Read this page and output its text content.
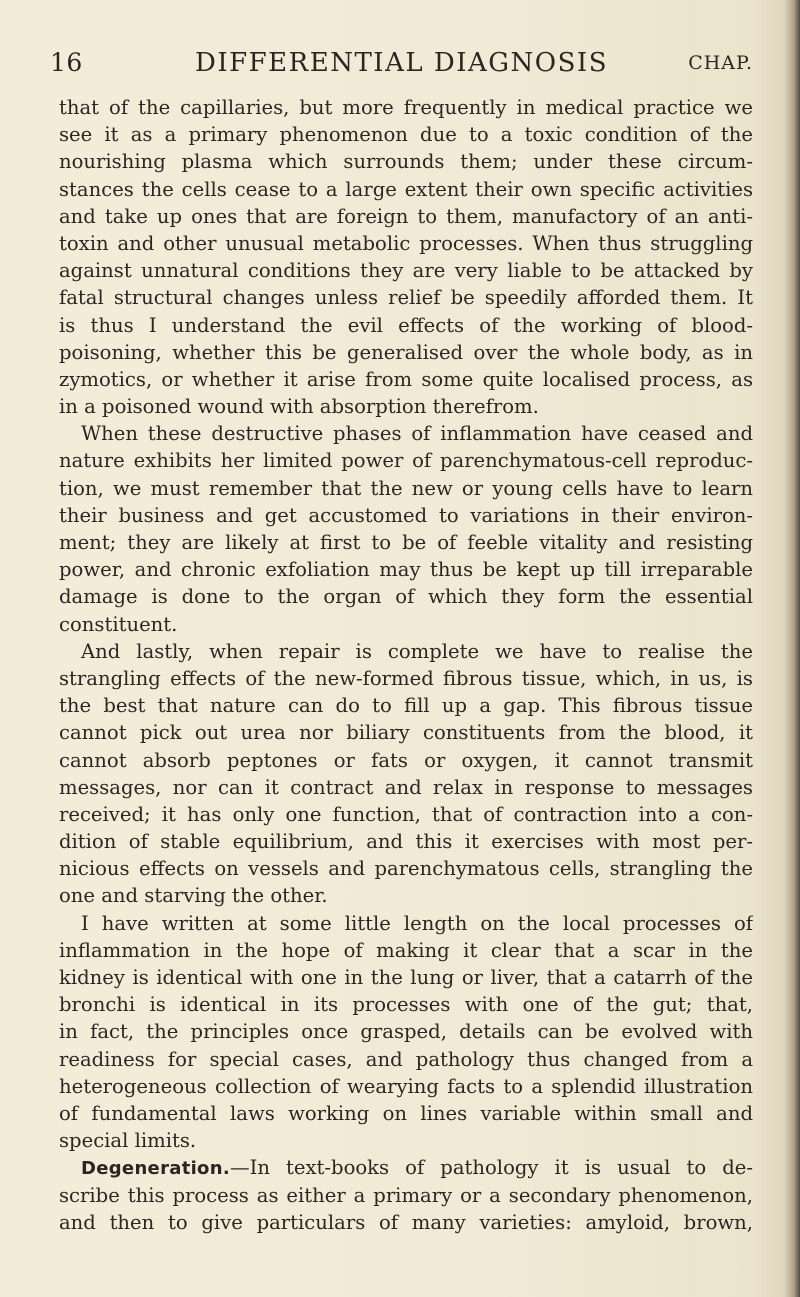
16	DIFFERENTIAL DIAGNOSIS	CHAP.
that of the capillaries, but more frequently in medical practice we
see it as a primary phenomenon due to a toxic condition of the
nourishing plasma which surrounds them; under these circum-
stances the cells cease to a large extent their own specific activities
and take up ones that are foreign to them, manufactory of an anti-
toxin and other unusual metabolic processes. When thus struggling
against unnatural conditions they are very liable to be attacked by
fatal structural changes unless relief be speedily afforded them. It
is thus I understand the evil effects of the working of blood-
poisoning, whether this be generalised over the whole body, as in
zymotics, or whether it arise from some quite localised process, as
in a poisoned wound with absorption therefrom.
When these destructive phases of inflammation have ceased and
nature exhibits her limited power of parenchymatous-cell reproduc-
tion, we must remember that the new or young cells have to learn
their business and get accustomed to variations in their environ-
ment; they are likely at first to be of feeble vitality and resisting
power, and chronic exfoliation may thus be kept up till irreparable
damage is done to the organ of which they form the essential
constituent.
And lastly, when repair is complete we have to realise the
strangling effects of the new-formed fibrous tissue, which, in us, is
the best that nature can do to fill up a gap. This fibrous tissue
cannot pick out urea nor biliary constituents from the blood, it
cannot absorb peptones or fats or oxygen, it cannot transmit
messages, nor can it contract and relax in response to messages
received; it has only one function, that of contraction into a con-
dition of stable equilibrium, and this it exercises with most per-
nicious effects on vessels and parenchymatous cells, strangling the
one and starving the other.
I have written at some little length on the local processes of
inflammation in the hope of making it clear that a scar in the
kidney is identical with one in the lung or liver, that a catarrh of the
bronchi is identical in its processes with one of the gut; that,
in fact, the principles once grasped, details can be evolved with
readiness for special cases, and pathology thus changed from a
heterogeneous collection of wearying facts to a splendid illustration
of fundamental laws working on lines variable within small and
special limits.
Degeneration.—In text-books of pathology it is usual to de-
scribe this process as either a primary or a secondary phenomenon,
and then to give particulars of many varieties: amyloid, brown,
